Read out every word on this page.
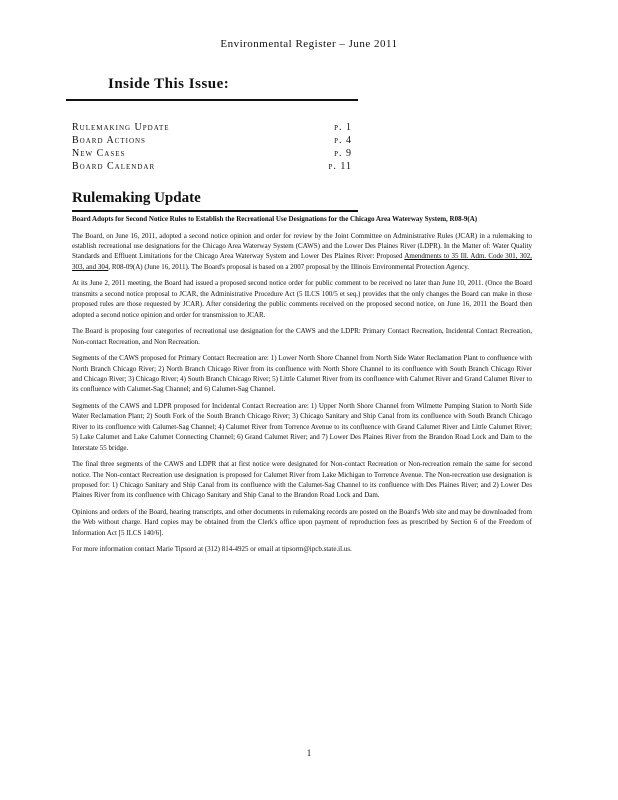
Environmental Register – June 2011
Inside This Issue:
Rulemaking Update	p. 1
Board Actions	p. 4
New Cases	p. 9
Board Calendar	p. 11
Rulemaking Update

Board Adopts for Second Notice Rules to Establish the Recreational Use Designations for the Chicago Area Waterway System, R08-9(A)

The Board, on June 16, 2011, adopted a second notice opinion and order for review by the Joint Committee on Administrative Rules (JCAR) in a rulemaking to establish recreational use designations for the Chicago Area Waterway System (CAWS) and the Lower Des Plaines River (LDPR). In the Matter of: Water Quality Standards and Effluent Limitations for the Chicago Area Waterway System and Lower Des Plaines River: Proposed Amendments to 35 Ill. Adm. Code 301, 302, 303, and 304, R08-09(A) (June 16, 2011). The Board's proposal is based on a 2007 proposal by the Illinois Environmental Protection Agency.

At its June 2, 2011 meeting, the Board had issued a proposed second notice order for public comment to be received no later than June 10, 2011. (Once the Board transmits a second notice proposal to JCAR, the Administrative Procedure Act (5 ILCS 100/5 et seq.) provides that the only changes the Board can make in those proposed rules are those requested by JCAR). After considering the public comments received on the proposed second notice, on June 16, 2011 the Board then adopted a second notice opinion and order for transmission to JCAR.

The Board is proposing four categories of recreational use designation for the CAWS and the LDPR: Primary Contact Recreation, Incidental Contact Recreation, Non-contact Recreation, and Non Recreation.

Segments of the CAWS proposed for Primary Contact Recreation are: 1) Lower North Shore Channel from North Side Water Reclamation Plant to confluence with North Branch Chicago River; 2) North Branch Chicago River from its confluence with North Shore Channel to its confluence with South Branch Chicago River and Chicago River; 3) Chicago River; 4) South Branch Chicago River; 5) Little Calumet River from its confluence with Calumet River and Grand Calumet River to its confluence with Calumet-Sag Channel; and 6) Calumet-Sag Channel.

Segments of the CAWS and LDPR proposed for Incidental Contact Recreation are: 1) Upper North Shore Channel from Wilmette Pumping Station to North Side Water Reclamation Plant; 2) South Fork of the South Branch Chicago River; 3) Chicago Sanitary and Ship Canal from its confluence with South Branch Chicago River to its confluence with Calumet-Sag Channel; 4) Calumet River from Torrence Avenue to its confluence with Grand Calumet River and Little Calumet River; 5) Lake Calumet and Lake Calumet Connecting Channel; 6) Grand Calumet River; and 7) Lower Des Plaines River from the Brandon Road Lock and Dam to the Interstate 55 bridge.

The final three segments of the CAWS and LDPR that at first notice were designated for Non-contact Recreation or Non-recreation remain the same for second notice. The Non-contact Recreation use designation is proposed for Calumet River from Lake Michigan to Torrence Avenue. The Non-recreation use designation is proposed for: 1) Chicago Sanitary and Ship Canal from its confluence with the Calumet-Sag Channel to its confluence with Des Plaines River; and 2) Lower Des Plaines River from its confluence with Chicago Sanitary and Ship Canal to the Brandon Road Lock and Dam.

Opinions and orders of the Board, hearing transcripts, and other documents in rulemaking records are posted on the Board's Web site and may be downloaded from the Web without charge. Hard copies may be obtained from the Clerk's office upon payment of reproduction fees as prescribed by Section 6 of the Freedom of Information Act [5 ILCS 140/6].

For more information contact Marie Tipsord at (312) 814-4925 or email at tipsorm@ipcb.state.il.us.

1
